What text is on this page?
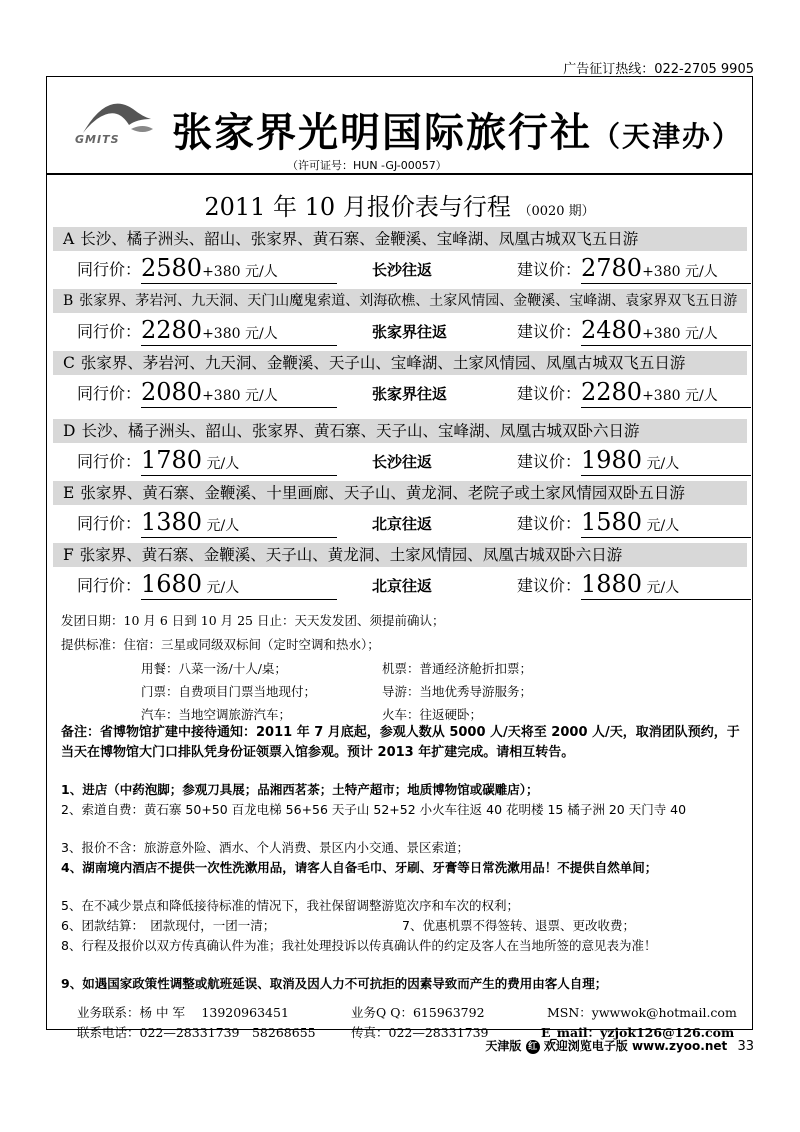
广告征订热线：022-2705 9905
GMITS 张家界光明国际旅行社（天津办）
（许可证号：HUN -GJ-00057）
2011 年 10 月报价表与行程 （0020 期）
A 长沙、橘子洲头、韶山、张家界、黄石寨、金鞭溪、宝峰湖、凤凰古城双飞五日游
同行价： 2580+380 元/人	长沙往返	建议价： 2780+380 元/人
B 张家界、茅岩河、九天洞、天门山魔鬼索道、刘海砍樵、土家风情园、金鞭溪、宝峰湖、袁家界双飞五日游
同行价： 2280+380 元/人	张家界往返	建议价： 2480+380 元/人
C 张家界、茅岩河、九天洞、金鞭溪、天子山、宝峰湖、土家风情园、凤凰古城双飞五日游
同行价： 2080+380 元/人	张家界往返	建议价： 2280+380 元/人
D 长沙、橘子洲头、韶山、张家界、黄石寨、天子山、宝峰湖、凤凰古城双卧六日游
同行价： 1780 元/人	长沙往返	建议价： 1980 元/人
E 张家界、黄石寨、金鞭溪、十里画廊、天子山、黄龙洞、老院子或土家风情园双卧五日游
同行价： 1380 元/人	北京往返	建议价： 1580 元/人
F 张家界、黄石寨、金鞭溪、天子山、黄龙洞、土家风情园、凤凰古城双卧六日游
同行价： 1680 元/人	北京往返	建议价： 1880 元/人
发团日期：10 月 6 日到 10 月 25 日止：天天发发团、须提前确认；
提供标准：住宿：三星或同级双标间（定时空调和热水）；
用餐：八菜一汤/十人/桌；	机票：普通经济舱折扣票；
门票：自费项目门票当地现付；	导游：当地优秀导游服务；
汽车：当地空调旅游汽车；	火车：往返硬卧；
备注：省博物馆扩建中接待通知：2011 年 7 月底起，参观人数从 5000 人/天将至 2000 人/天，取消团队预约，于当天在博物馆大门口排队凭身份证领票入馆参观。预计 2013 年扩建完成。请相互转告。
1、进店（中药泡脚；参观刀具展；品湘西茗茶；土特产超市；地质博物馆或碳雕店）；
2、索道自费：黄石寨 50+50 百龙电梯 56+56 天子山 52+52 小火车往返 40 花明楼 15 橘子洲 20 天门寺 40
3、报价不含：旅游意外险、酒水、个人消费、景区内小交通、景区索道；
4、湖南境内酒店不提供一次性洗漱用品，请客人自备毛巾、牙刷、牙膏等日常洗漱用品！不提供自然单间；
5、在不减少景点和降低接待标准的情况下，我社保留调整游览次序和车次的权利；
6、团款结算：　团款现付，一团一清；	7、优惠机票不得签转、退票、更改收费；
8、行程及报价以双方传真确认件为准；我社处理投诉以传真确认件的约定及客人在当地所签的意见表为准！
9、如遇国家政策性调整或航班延误、取消及因人力不可抗拒的因素导致而产生的费用由客人自理；
业务联系：杨 中 军　 13920963451	业务Q Q：615963792	MSN：ywwwok@hotmail.com
联系电话：022—28331739　58268655	传真：022—28331739	E_mail：yzjok126@126.com
天津版 红 欢迎浏览电子版 www.zyoo.net 33
